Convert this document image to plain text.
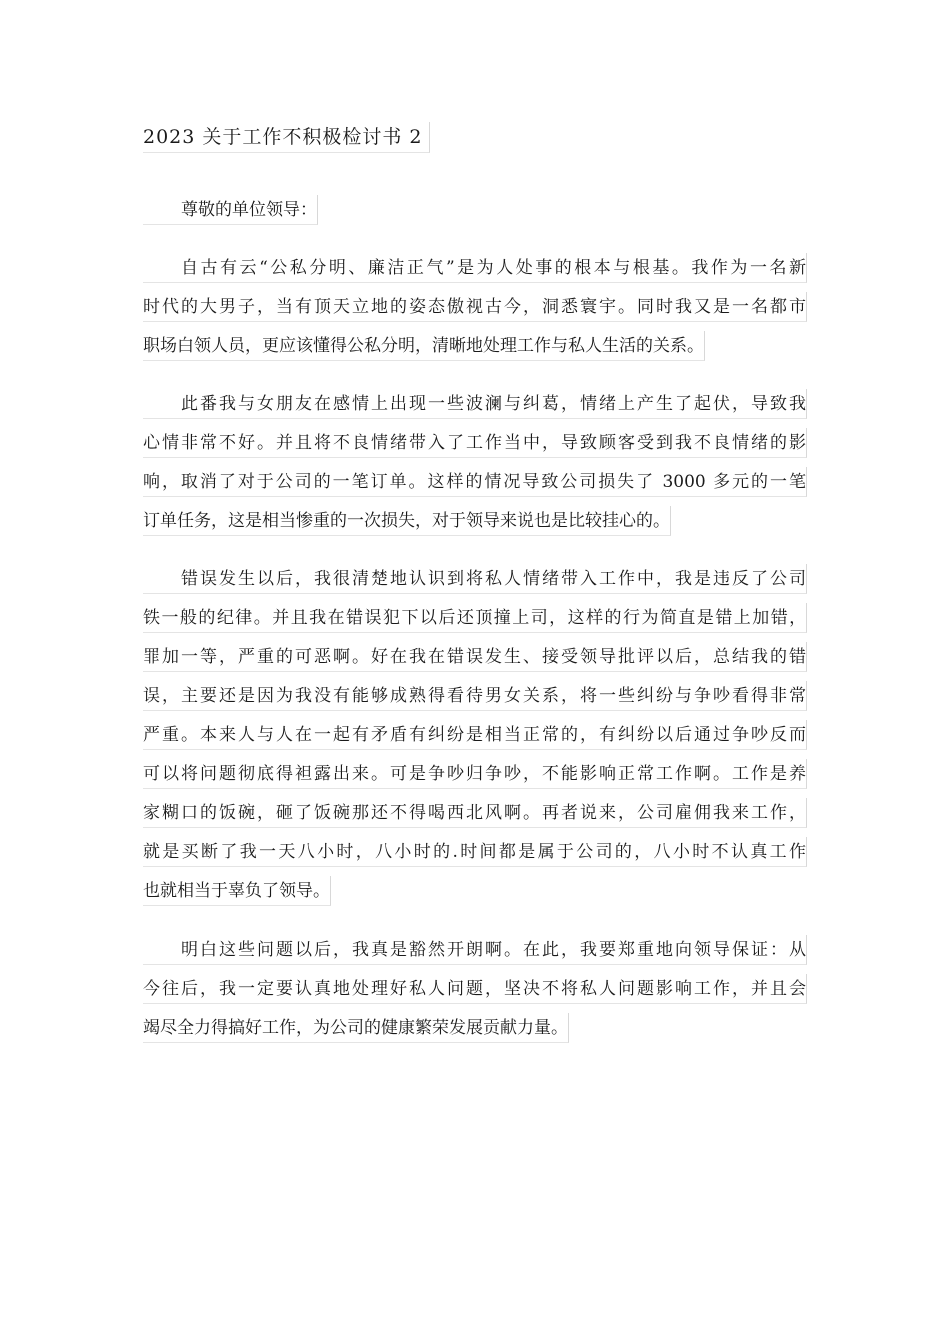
2023 关于工作不积极检讨书 2
尊敬的单位领导：
自古有云“公私分明、廉洁正气”是为人处事的根本与根基。我作为一名新
时代的大男子，当有顶天立地的姿态傲视古今，洞悉寰宇。同时我又是一名都市
职场白领人员，更应该懂得公私分明，清晰地处理工作与私人生活的关系。
此番我与女朋友在感情上出现一些波澜与纠葛，情绪上产生了起伏，导致我
心情非常不好。并且将不良情绪带入了工作当中，导致顾客受到我不良情绪的影
响，取消了对于公司的一笔订单。这样的情况导致公司损失了 3000 多元的一笔
订单任务，这是相当惨重的一次损失，对于领导来说也是比较挂心的。
错误发生以后，我很清楚地认识到将私人情绪带入工作中，我是违反了公司
铁一般的纪律。并且我在错误犯下以后还顶撞上司，这样的行为简直是错上加错，
罪加一等，严重的可恶啊。好在我在错误发生、接受领导批评以后，总结我的错
误，主要还是因为我没有能够成熟得看待男女关系，将一些纠纷与争吵看得非常
严重。本来人与人在一起有矛盾有纠纷是相当正常的，有纠纷以后通过争吵反而
可以将问题彻底得袒露出来。可是争吵归争吵，不能影响正常工作啊。工作是养
家糊口的饭碗，砸了饭碗那还不得喝西北风啊。再者说来，公司雇佣我来工作，
就是买断了我一天八小时，八小时的.时间都是属于公司的，八小时不认真工作
也就相当于辜负了领导。
明白这些问题以后，我真是豁然开朗啊。在此，我要郑重地向领导保证：从
今往后，我一定要认真地处理好私人问题，坚决不将私人问题影响工作，并且会
竭尽全力得搞好工作，为公司的健康繁荣发展贡献力量。
